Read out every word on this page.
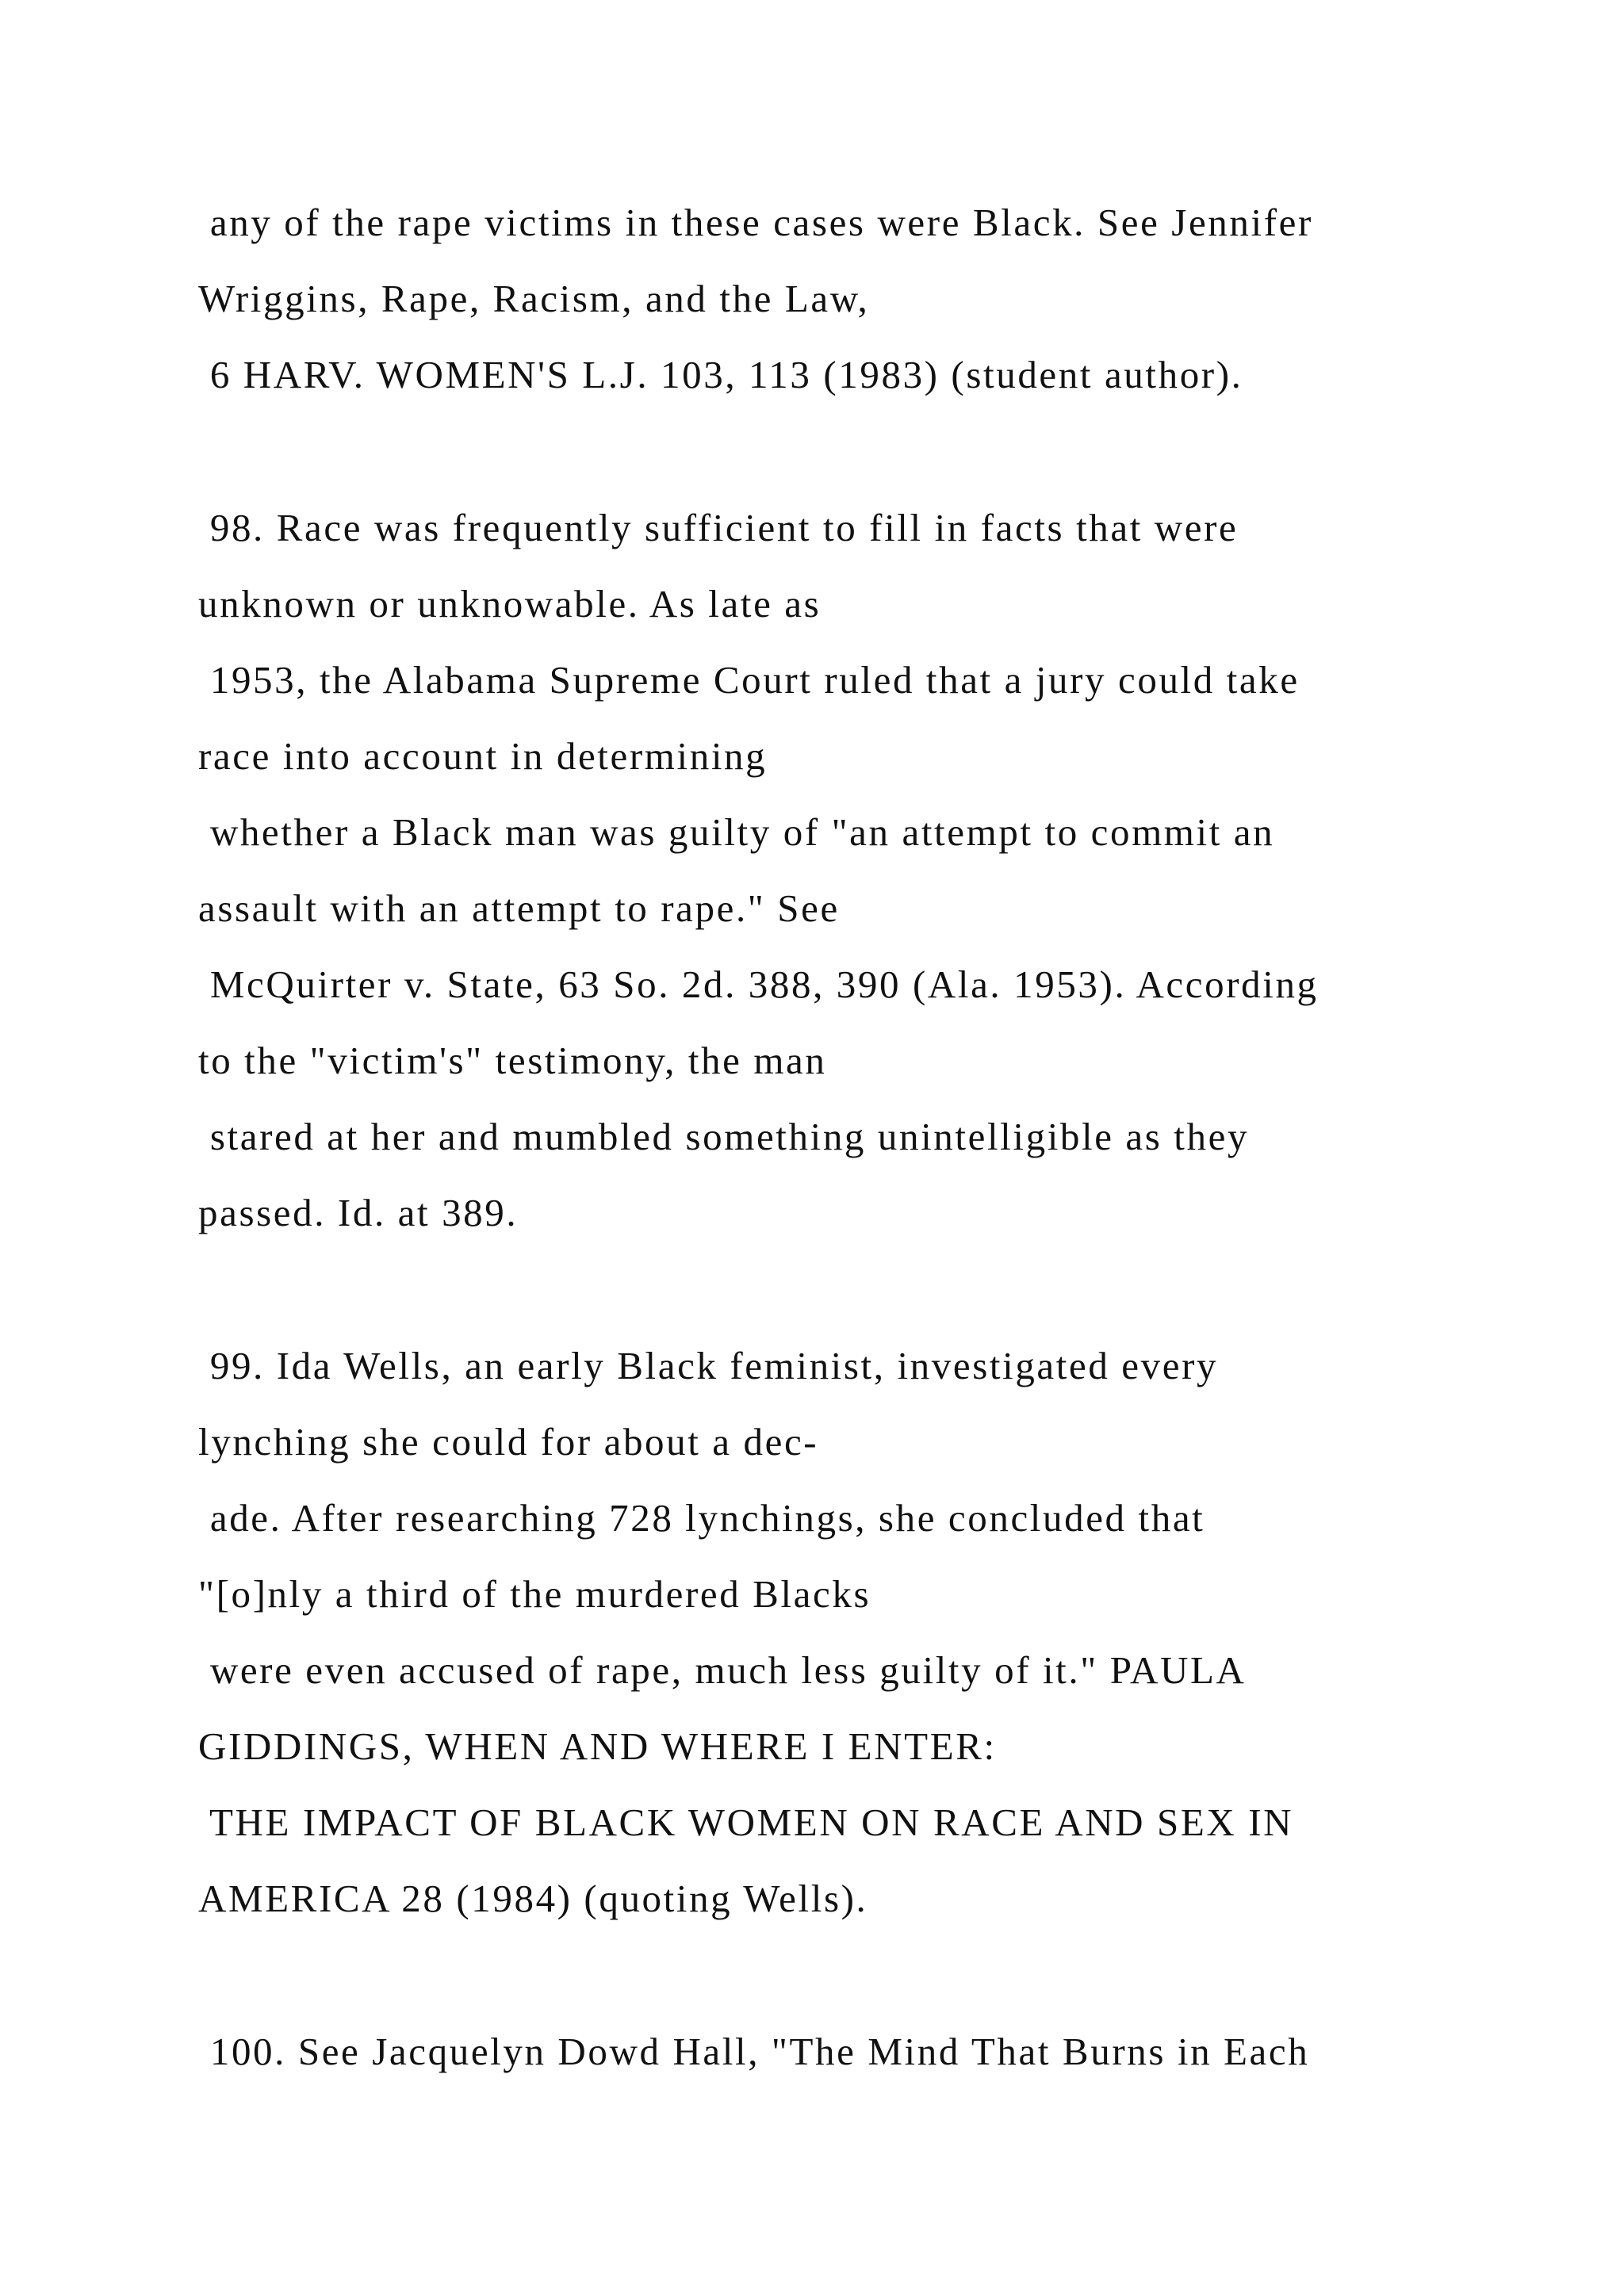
any of the rape victims in these cases were Black. See Jennifer

Wriggins, Rape, Racism, and the Law,

6 HARV. WOMEN'S L.J. 103, 113 (1983) (student author).

98. Race was frequently sufficient to fill in facts that were

unknown or unknowable. As late as

1953, the Alabama Supreme Court ruled that a jury could take

race into account in determining

whether a Black man was guilty of "an attempt to commit an

assault with an attempt to rape." See

McQuirter v. State, 63 So. 2d. 388, 390 (Ala. 1953). According

to the "victim's" testimony, the man

stared at her and mumbled something unintelligible as they

passed. Id. at 389.

99. Ida Wells, an early Black feminist, investigated every

lynching she could for about a dec-

ade. After researching 728 lynchings, she concluded that

"[o]nly a third of the murdered Blacks

were even accused of rape, much less guilty of it." PAULA

GIDDINGS, WHEN AND WHERE I ENTER:

THE IMPACT OF BLACK WOMEN ON RACE AND SEX IN

AMERICA 28 (1984) (quoting Wells).

100. See Jacquelyn Dowd Hall, "The Mind That Burns in Each
